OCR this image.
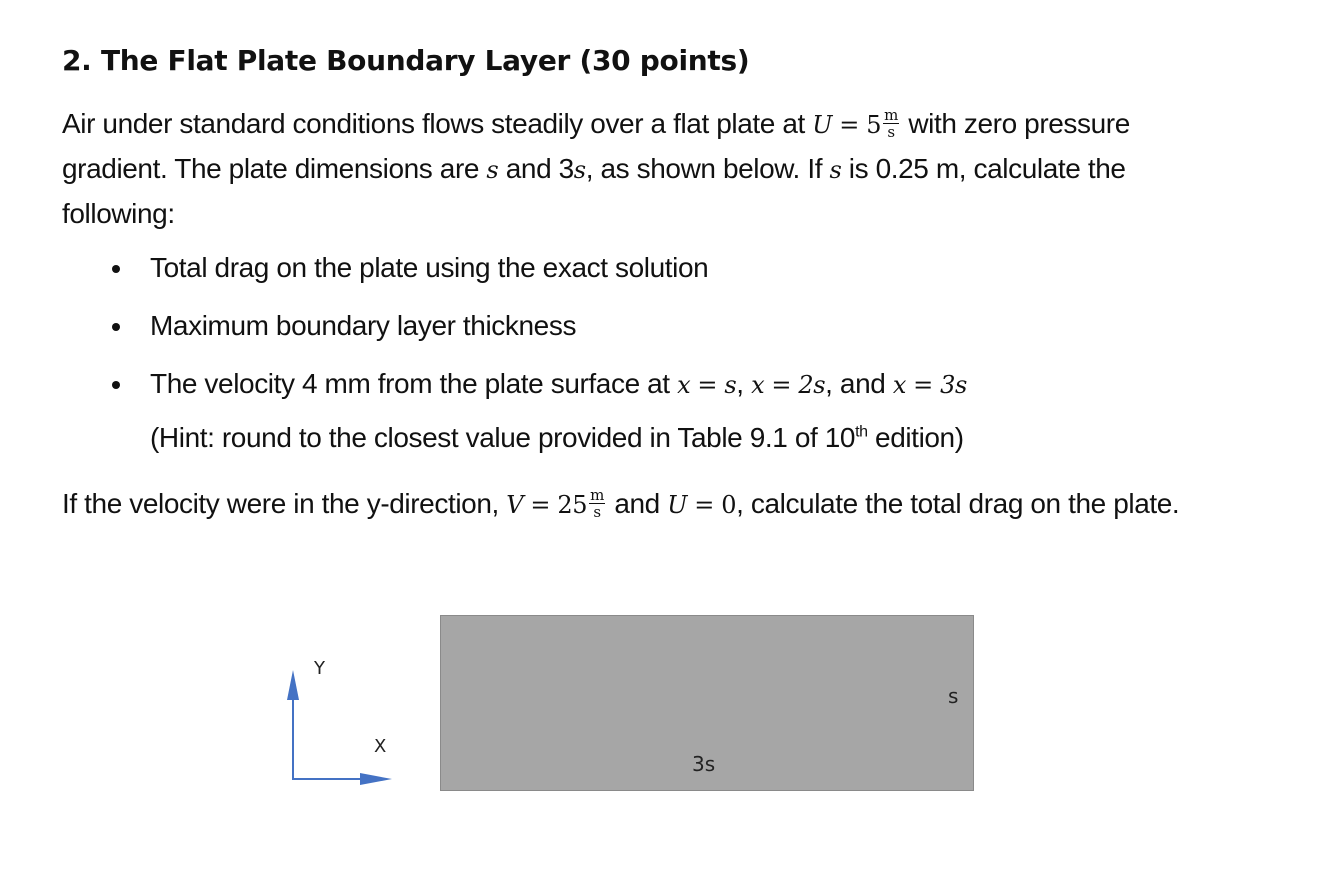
2. The Flat Plate Boundary Layer (30 points)

Air under standard conditions flows steadily over a flat plate at $U = 5 \frac{m}{s}$ with zero pressure gradient. The plate dimensions are s and 3s, as shown below. If s is 0.25 m, calculate the following:

Total drag on the plate using the exact solution
Maximum boundary layer thickness
The velocity 4 mm from the plate surface at x = s, x = 2s, and x = 3s

(Hint: round to the closest value provided in Table 9.1 of 10th edition)

If the velocity were in the y-direction, $V = 25 \frac{m}{s}$ and U = 0, calculate the total drag on the plate.

Y
X
s
3s
